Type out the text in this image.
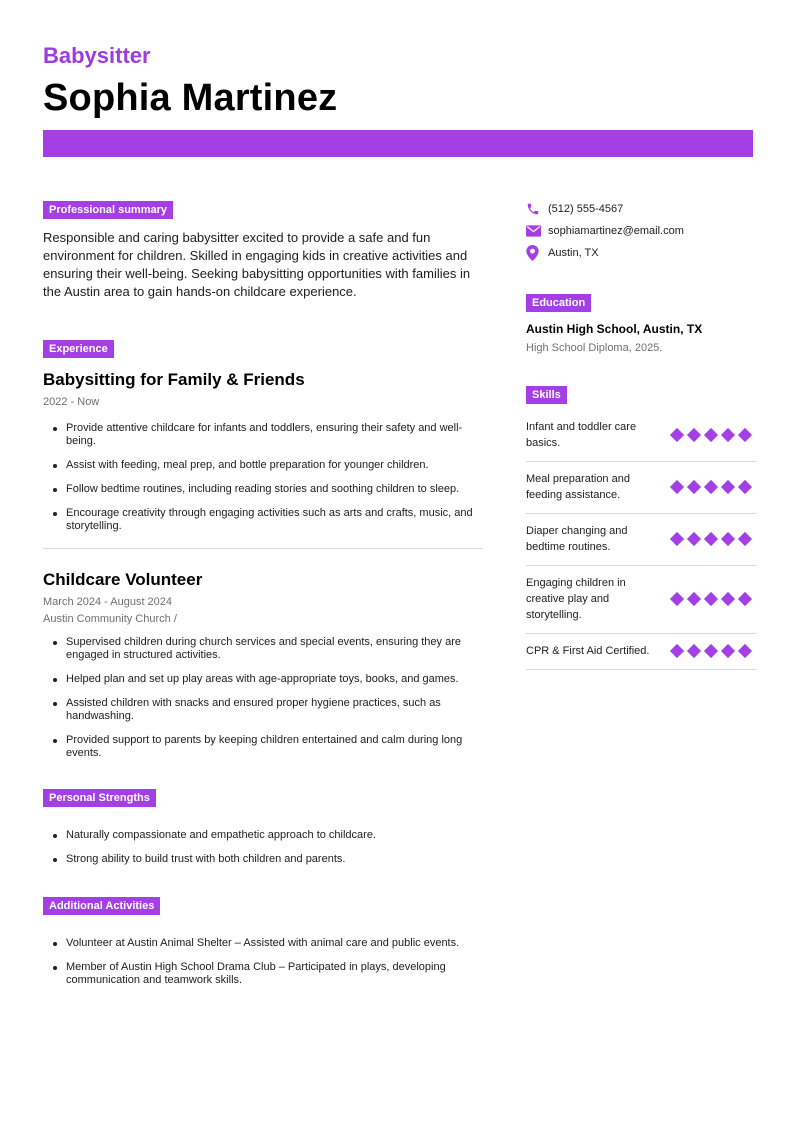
Babysitter
Sophia Martinez
Professional summary

Responsible and caring babysitter excited to provide a safe and fun environment for children. Skilled in engaging kids in creative activities and ensuring their well-being. Seeking babysitting opportunities with families in the Austin area to gain hands-on childcare experience.

Experience
Babysitting for Family & Friends
2022 - Now
Provide attentive childcare for infants and toddlers, ensuring their safety and well-being.
Assist with feeding, meal prep, and bottle preparation for younger children.
Follow bedtime routines, including reading stories and soothing children to sleep.
Encourage creativity through engaging activities such as arts and crafts, music, and storytelling.
Childcare Volunteer
March 2024 - August 2024
Austin Community Church /
Supervised children during church services and special events, ensuring they are engaged in structured activities.
Helped plan and set up play areas with age-appropriate toys, books, and games.
Assisted children with snacks and ensured proper hygiene practices, such as handwashing.
Provided support to parents by keeping children entertained and calm during long events.
Personal Strengths
Naturally compassionate and empathetic approach to childcare.
Strong ability to build trust with both children and parents.
Additional Activities
Volunteer at Austin Animal Shelter – Assisted with animal care and public events.
Member of Austin High School Drama Club – Participated in plays, developing communication and teamwork skills.
(512) 555-4567
sophiamartinez@email.com
Austin, TX
Education
Austin High School, Austin, TX
High School Diploma, 2025.
Skills
Infant and toddler care basics.
Meal preparation and feeding assistance.
Diaper changing and bedtime routines.
Engaging children in creative play and storytelling.
CPR & First Aid Certified.
